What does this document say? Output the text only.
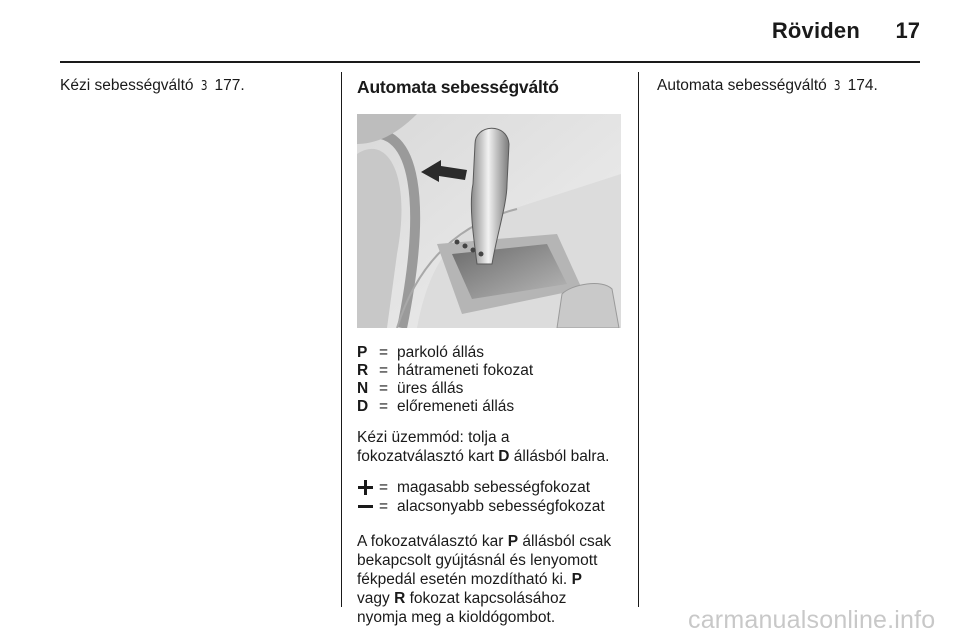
Röviden	17
Kézi sebességváltó 3 177.	Automata sebességváltó
P = parkoló állás
R = hátrameneti fokozat
N = üres állás
D = előremeneti állás
Kézi üzemmód: tolja a
fokozatválasztó kart D állásból balra.
= magasabb sebességfokozat
= alacsonyabb sebességfokozat
A fokozatválasztó kar P állásból csak
bekapcsolt gyújtásnál és lenyomott
fékpedál esetén mozdítható ki. P
vagy R fokozat kapcsolásához
nyomja meg a kioldógombot.
Automata sebességváltó 3 174.
carmanualsonline.info
